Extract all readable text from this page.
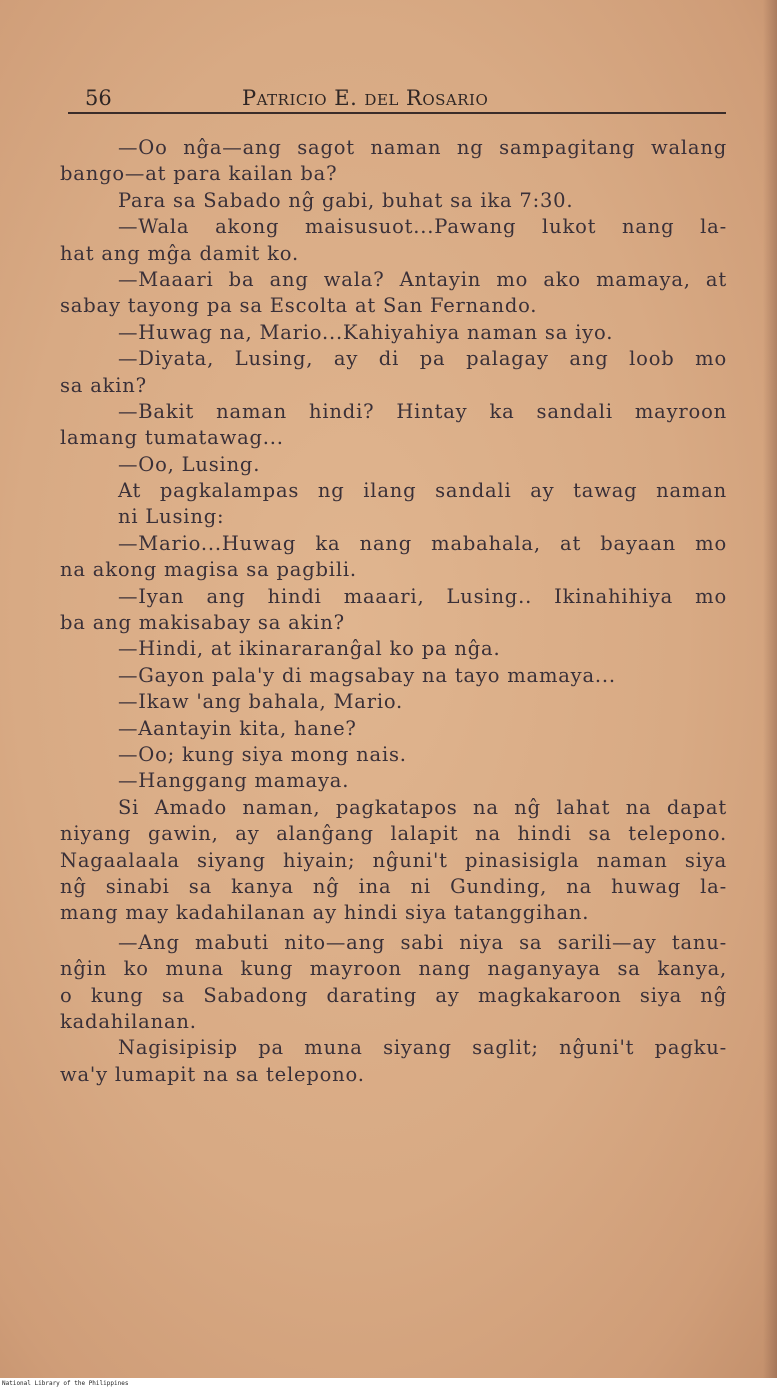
56	Patricio E. del Rosario
—Oo nĝa—ang sagot naman ng sampagitang walang
bango—at para kailan ba?
Para sa Sabado nĝ gabi, buhat sa ika 7:30.
—Wala akong maisusuot...Pawang lukot nang la-
hat ang mĝa damit ko.
—Maaari ba ang wala? Antayin mo ako mamaya, at
sabay tayong pa sa Escolta at San Fernando.
—Huwag na, Mario...Kahiyahiya naman sa iyo.
—Diyata, Lusing, ay di pa palagay ang loob mo
sa akin?
—Bakit naman hindi? Hintay ka sandali mayroon
lamang tumatawag...
—Oo, Lusing.
At pagkalampas ng ilang sandali ay tawag naman
ni Lusing:
—Mario...Huwag ka nang mabahala, at bayaan mo
na akong magisa sa pagbili.
—Iyan ang hindi maaari, Lusing.. Ikinahihiya mo
ba ang makisabay sa akin?
—Hindi, at ikinararanĝal ko pa nĝa.
—Gayon pala'y di magsabay na tayo mamaya...
—Ikaw 'ang bahala, Mario.
—Aantayin kita, hane?
—Oo; kung siya mong nais.
—Hanggang mamaya.
Si Amado naman, pagkatapos na nĝ lahat na dapat
niyang gawin, ay alanĝang lalapit na hindi sa telepono.
Nagaalaala siyang hiyain; nĝuni't pinasisigla naman siya
nĝ sinabi sa kanya nĝ ina ni Gunding, na huwag la-
mang may kadahilanan ay hindi siya tatanggihan.
—Ang mabuti nito—ang sabi niya sa sarili—ay tanu-
nĝin ko muna kung mayroon nang naganyaya sa kanya,
o kung sa Sabadong darating ay magkakaroon siya nĝ
kadahilanan.
Nagisipisip pa muna siyang saglit; nĝuni't pagku-
wa'y lumapit na sa telepono.
National Library of the Philippines
